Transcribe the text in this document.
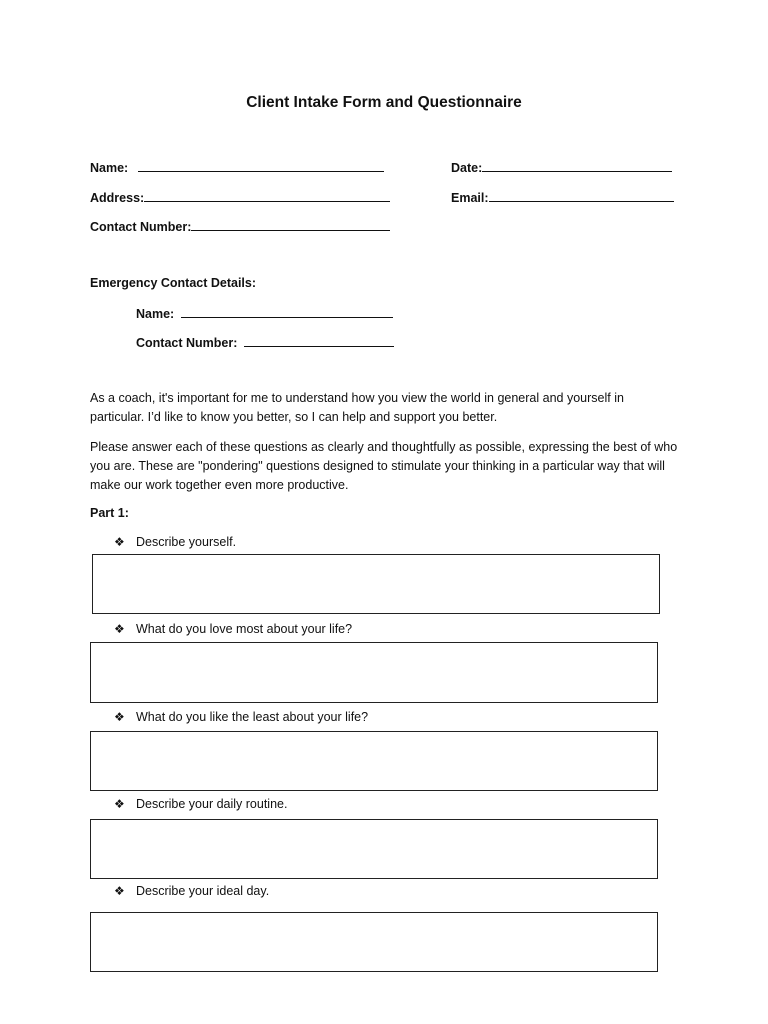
Client Intake Form and Questionnaire
Name:	Date:
Address:	Email:
Contact Number:
Emergency Contact Details:
Name:
Contact Number:
As a coach, it's important for me to understand how you view the world in general and yourself in particular. I’d like to know you better, so I can help and support you better.
Please answer each of these questions as clearly and thoughtfully as possible, expressing the best of who you are. These are "pondering" questions designed to stimulate your thinking in a particular way that will make our work together even more productive.
Part 1:
❖ Describe yourself.
❖ What do you love most about your life?
❖ What do you like the least about your life?
❖ Describe your daily routine.
❖ Describe your ideal day.
